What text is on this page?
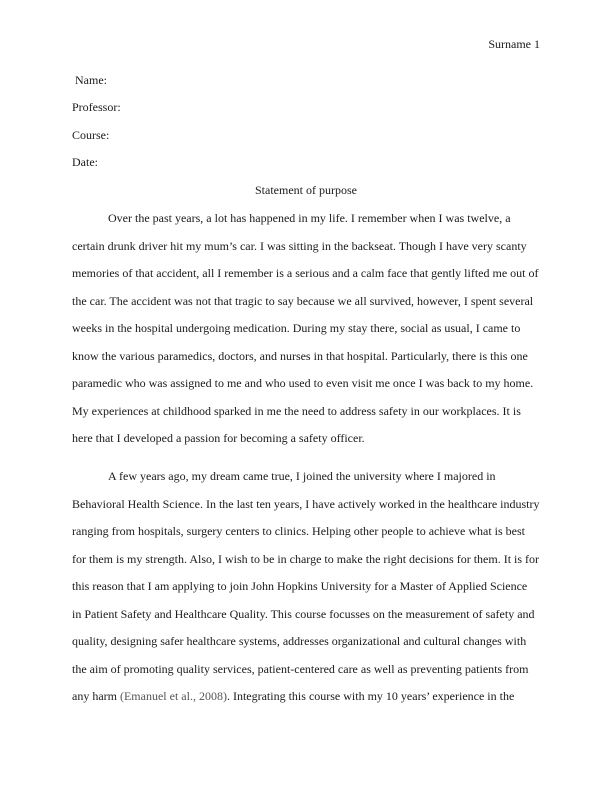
Surname 1
Name:
Professor:
Course:
Date:
Statement of purpose
Over the past years, a lot has happened in my life. I remember when I was twelve, a
certain drunk driver hit my mum’s car. I was sitting in the backseat. Though I have very scanty
memories of that accident, all I remember is a serious and a calm face that gently lifted me out of
the car. The accident was not that tragic to say because we all survived, however, I spent several
weeks in the hospital undergoing medication. During my stay there, social as usual, I came to
know the various paramedics, doctors, and nurses in that hospital. Particularly, there is this one
paramedic who was assigned to me and who used to even visit me once I was back to my home.
My experiences at childhood sparked in me the need to address safety in our workplaces. It is
here that I developed a passion for becoming a safety officer.
A few years ago, my dream came true, I joined the university where I majored in
Behavioral Health Science. In the last ten years, I have actively worked in the healthcare industry
ranging from hospitals, surgery centers to clinics. Helping other people to achieve what is best
for them is my strength. Also, I wish to be in charge to make the right decisions for them. It is for
this reason that I am applying to join John Hopkins University for a Master of Applied Science
in Patient Safety and Healthcare Quality. This course focusses on the measurement of safety and
quality, designing safer healthcare systems, addresses organizational and cultural changes with
the aim of promoting quality services, patient-centered care as well as preventing patients from
any harm (Emanuel et al., 2008). Integrating this course with my 10 years’ experience in the
